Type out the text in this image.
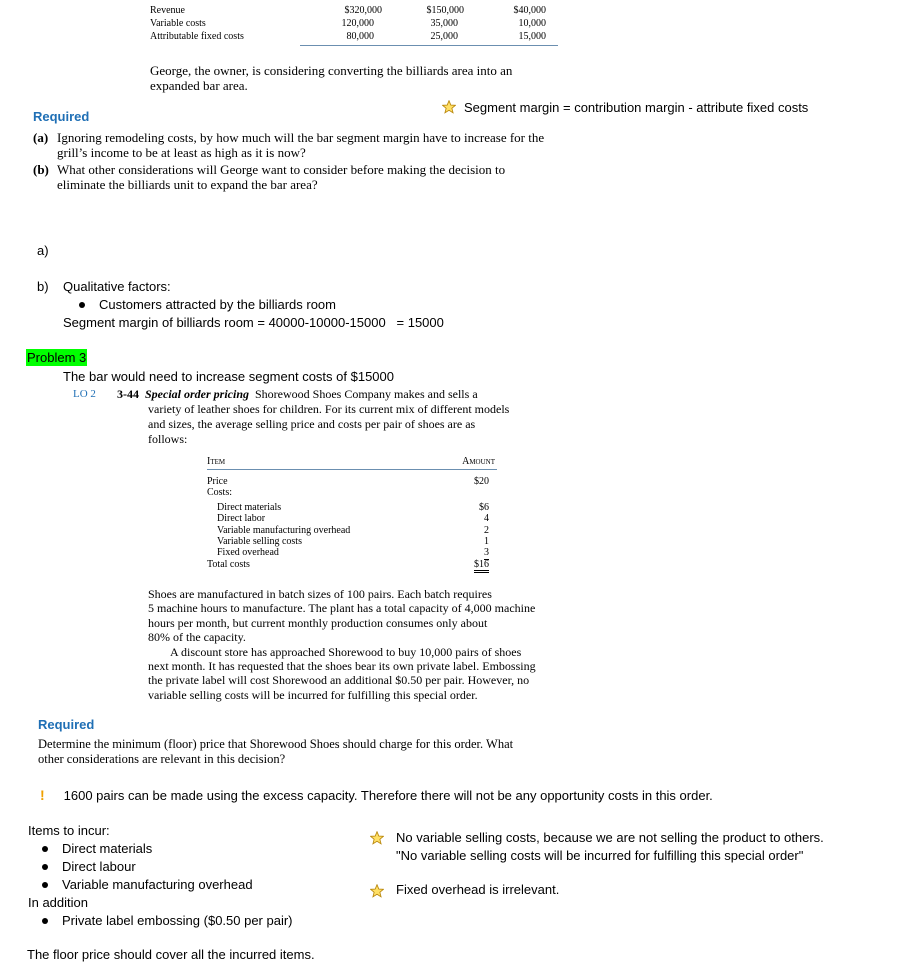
Revenue	$320,000	$150,000	$40,000
Variable costs	120,000	35,000	10,000
Attributable fixed costs	80,000	25,000	15,000
George, the owner, is considering converting the billiards area into an
expanded bar area.
Required
Segment margin = contribution margin - attribute fixed costs
(a) Ignoring remodeling costs, by how much will the bar segment margin have to increase for the
grill’s income to be at least as high as it is now?
(b) What other considerations will George want to consider before making the decision to
eliminate the billiards unit to expand the bar area?

a)

Segment margin of billiards room = 40000-10000-15000   = 15000

The bar would need to increase segment costs of $15000

b) Qualitative factors:
Customers attracted by the billiards room
Problem 3
LO 2 3-44 Special order pricing Shorewood Shoes Company makes and sells a
variety of leather shoes for children. For its current mix of different models
and sizes, the average selling price and costs per pair of shoes are as
follows:
Item	Amount
Price	$20
Costs:
Direct materials	$6
Direct labor	4
Variable manufacturing overhead	2
Variable selling costs	1
Fixed overhead	3
Total costs	$16
Shoes are manufactured in batch sizes of 100 pairs. Each batch requires
5 machine hours to manufacture. The plant has a total capacity of 4,000 machine
hours per month, but current monthly production consumes only about
80% of the capacity.
A discount store has approached Shorewood to buy 10,000 pairs of shoes
next month. It has requested that the shoes bear its own private label. Embossing
the private label will cost Shorewood an additional $0.50 per pair. However, no
variable selling costs will be incurred for fulfilling this special order.
Required
Determine the minimum (floor) price that Shorewood Shoes should charge for this order. What
other considerations are relevant in this decision?
! 1600 pairs can be made using the excess capacity. Therefore there will not be any opportunity costs in this order.
Items to incur:
Direct materials
Direct labour
Variable manufacturing overhead
In addition
Private label embossing ($0.50 per pair)
No variable selling costs, because we are not selling the product to others.
"No variable selling costs will be incurred for fulfilling this special order"
Fixed overhead is irrelevant.
The floor price should cover all the incurred items.
